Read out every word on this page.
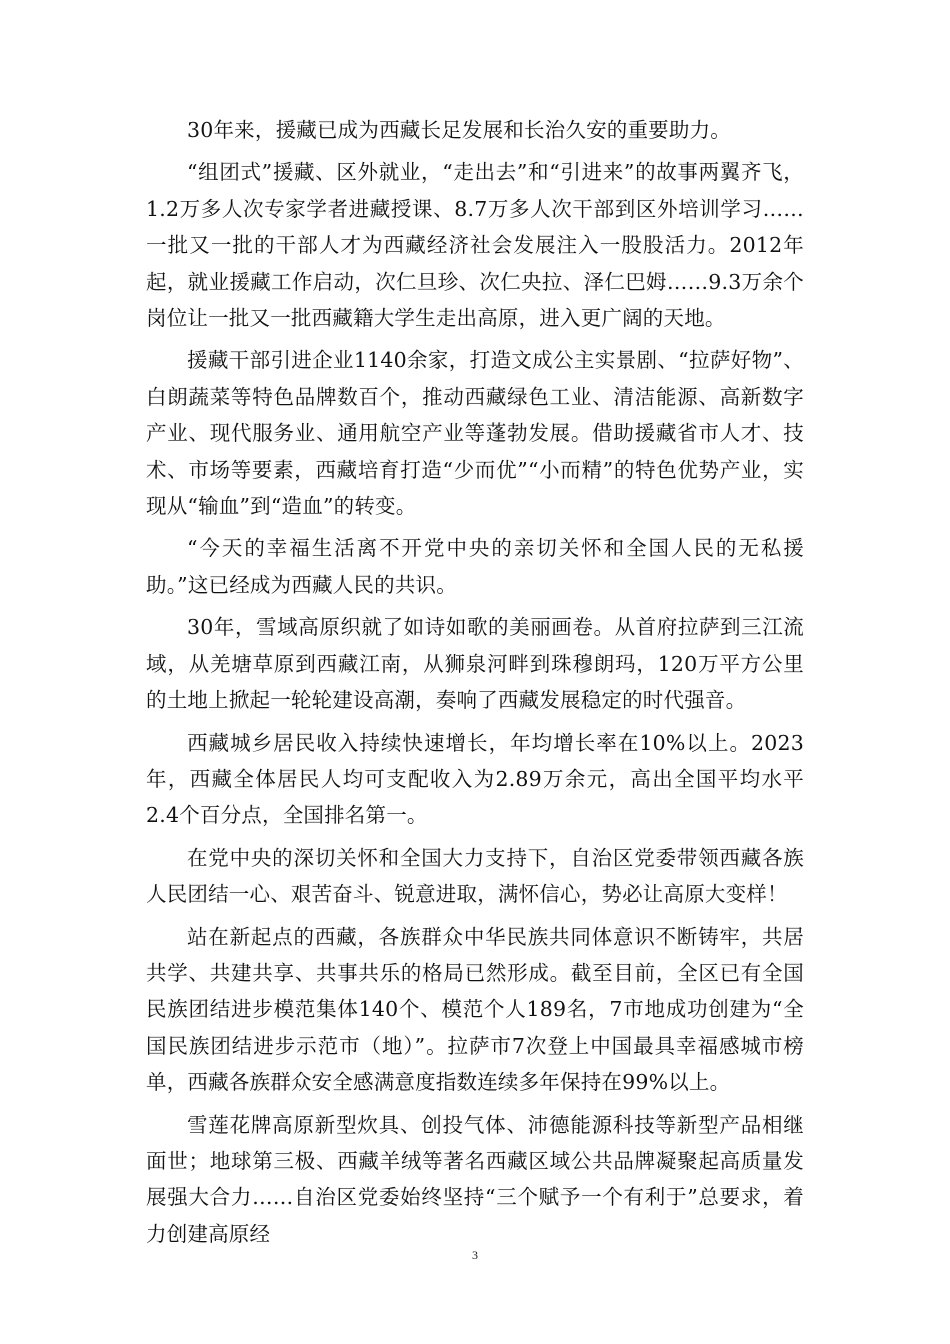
30年来，援藏已成为西藏长足发展和长治久安的重要助力。

“组团式”援藏、区外就业，“走出去”和“引进来”的故事两翼齐飞，1.2万多人次专家学者进藏授课、8.7万多人次干部到区外培训学习……一批又一批的干部人才为西藏经济社会发展注入一股股活力。2012年起，就业援藏工作启动，次仁旦珍、次仁央拉、泽仁巴姆……9.3万余个岗位让一批又一批西藏籍大学生走出高原，进入更广阔的天地。

援藏干部引进企业1140余家，打造文成公主实景剧、“拉萨好物”、白朗蔬菜等特色品牌数百个，推动西藏绿色工业、清洁能源、高新数字产业、现代服务业、通用航空产业等蓬勃发展。借助援藏省市人才、技术、市场等要素，西藏培育打造“少而优”“小而精”的特色优势产业，实现从“输血”到“造血”的转变。

“今天的幸福生活离不开党中央的亲切关怀和全国人民的无私援助。”这已经成为西藏人民的共识。

30年，雪域高原织就了如诗如歌的美丽画卷。从首府拉萨到三江流域，从羌塘草原到西藏江南，从狮泉河畔到珠穆朗玛，120万平方公里的土地上掀起一轮轮建设高潮，奏响了西藏发展稳定的时代强音。

西藏城乡居民收入持续快速增长，年均增长率在10%以上。2023年，西藏全体居民人均可支配收入为2.89万余元，高出全国平均水平2.4个百分点，全国排名第一。

在党中央的深切关怀和全国大力支持下，自治区党委带领西藏各族人民团结一心、艰苦奋斗、锐意进取，满怀信心，势必让高原大变样！

站在新起点的西藏，各族群众中华民族共同体意识不断铸牢，共居共学、共建共享、共事共乐的格局已然形成。截至目前，全区已有全国民族团结进步模范集体140个、模范个人189名，7市地成功创建为“全国民族团结进步示范市（地）”。拉萨市7次登上中国最具幸福感城市榜单，西藏各族群众安全感满意度指数连续多年保持在99%以上。

雪莲花牌高原新型炊具、创投气体、沛德能源科技等新型产品相继面世；地球第三极、西藏羊绒等著名西藏区域公共品牌凝聚起高质量发展强大合力……自治区党委始终坚持“三个赋予一个有利于”总要求，着力创建高原经

3
